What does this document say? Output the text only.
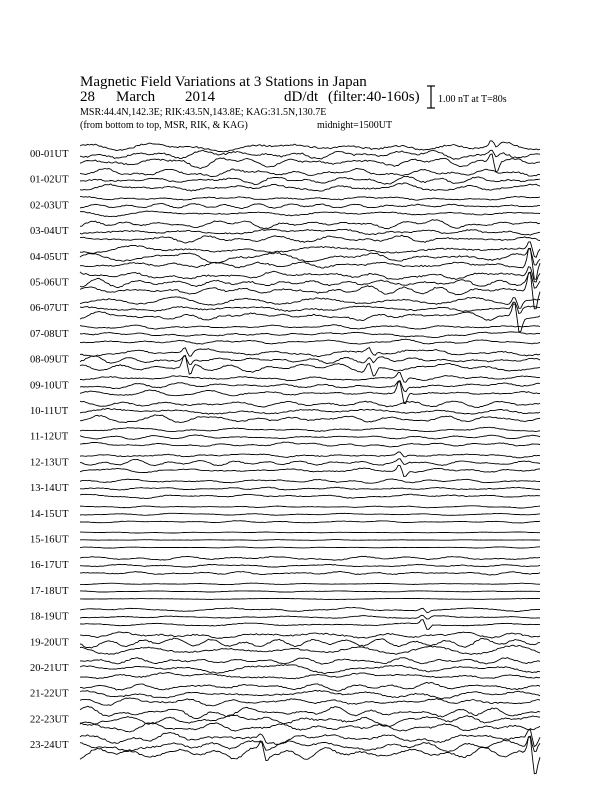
Magnetic Field Variations at 3 Stations in Japan
28 March 2014	dD/dt (filter:40-160s)
MSR:44.4N,142.3E; RIK:43.5N,143.8E; KAG:31.5N,130.7E
(from bottom to top, MSR, RIK, & KAG)	midnight=1500UT
1.00 nT at T=80s
00-01UT
01-02UT
02-03UT
03-04UT
04-05UT
05-06UT
06-07UT
07-08UT
08-09UT
09-10UT
10-11UT
11-12UT
12-13UT
13-14UT
14-15UT
15-16UT
16-17UT
17-18UT
18-19UT
19-20UT
20-21UT
21-22UT
22-23UT
23-24UT
